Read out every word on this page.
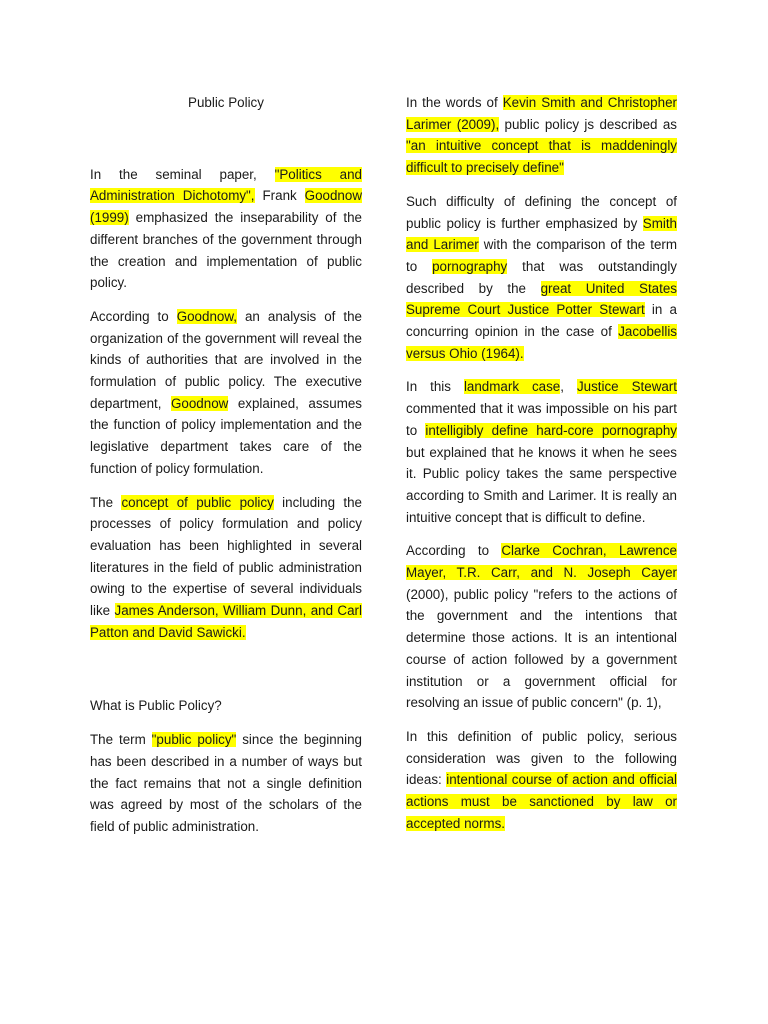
Public Policy

In the seminal paper, "Politics and Administration Dichotomy", Frank Goodnow (1999) emphasized the inseparability of the different branches of the government through the creation and implementation of public policy.

According to Goodnow, an analysis of the organization of the government will reveal the kinds of authorities that are involved in the formulation of public policy. The executive department, Goodnow explained, assumes the function of policy implementation and the legislative department takes care of the function of policy formulation.

The concept of public policy including the processes of policy formulation and policy evaluation has been highlighted in several literatures in the field of public administration owing to the expertise of several individuals like James Anderson, William Dunn, and Carl Patton and David Sawicki.

What is Public Policy?

The term "public policy" since the beginning has been described in a number of ways but the fact remains that not a single definition was agreed by most of the scholars of the field of public administration.

In the words of Kevin Smith and Christopher Larimer (2009), public policy js described as "an intuitive concept that is maddeningly difficult to precisely define"

Such difficulty of defining the concept of public policy is further emphasized by Smith and Larimer with the comparison of the term to pornography that was outstandingly described by the great United States Supreme Court Justice Potter Stewart in a concurring opinion in the case of Jacobellis versus Ohio (1964).

In this landmark case, Justice Stewart commented that it was impossible on his part to intelligibly define hard-core pornography but explained that he knows it when he sees it. Public policy takes the same perspective according to Smith and Larimer. It is really an intuitive concept that is difficult to define.

According to Clarke Cochran, Lawrence Mayer, T.R. Carr, and N. Joseph Cayer (2000), public policy "refers to the actions of the government and the intentions that determine those actions. It is an intentional course of action followed by a government institution or a government official for resolving an issue of public concern" (p. 1),

In this definition of public policy, serious consideration was given to the following ideas: intentional course of action and official actions must be sanctioned by law or accepted norms.
